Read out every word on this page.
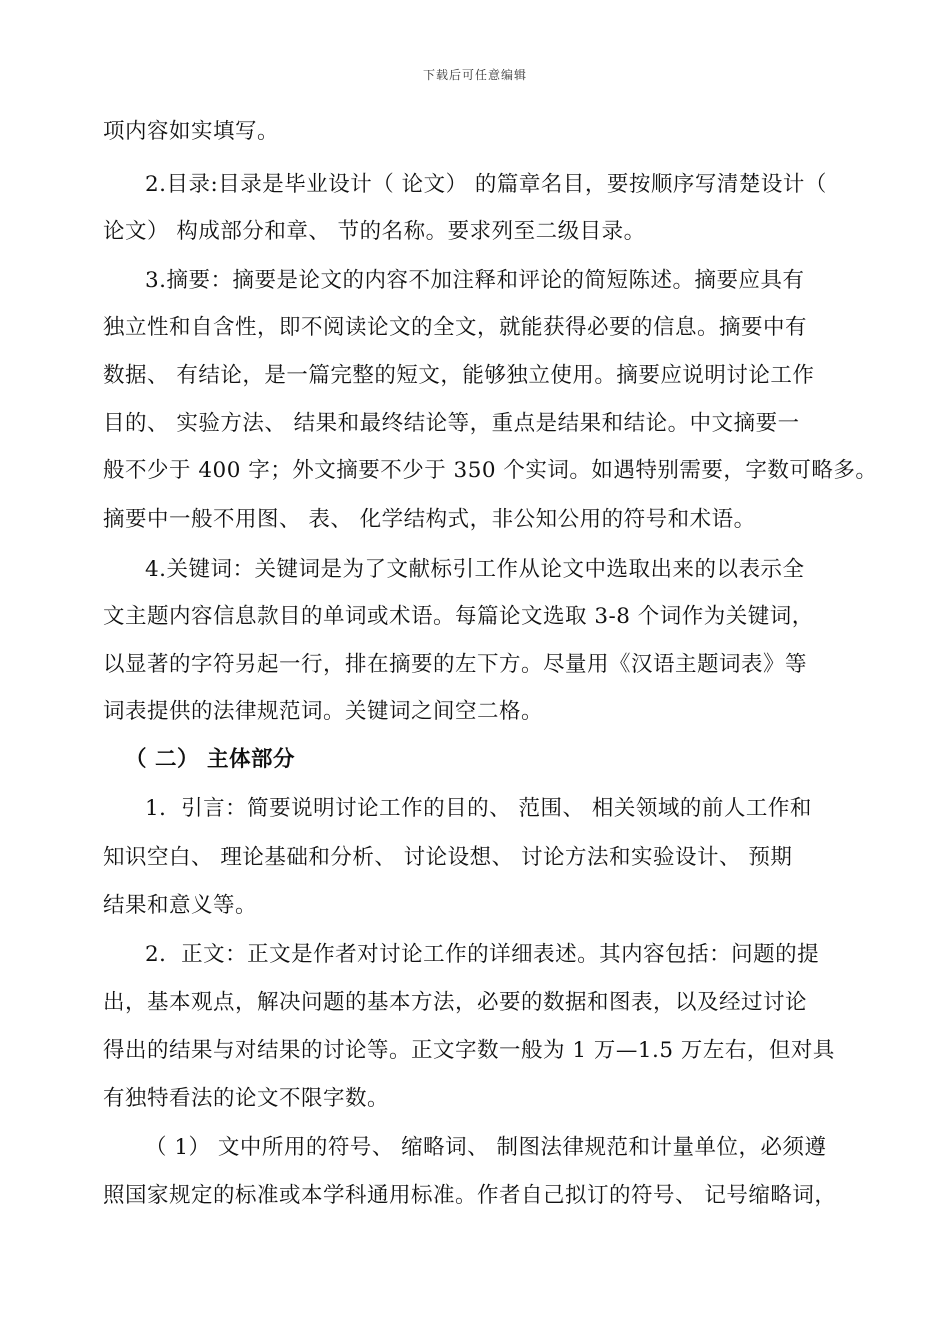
下载后可任意编辑
项内容如实填写。
2.目录:目录是毕业设计（ 论文） 的篇章名目，要按顺序写清楚设计（
论文） 构成部分和章、 节的名称。要求列至二级目录。
3.摘要：摘要是论文的内容不加注释和评论的简短陈述。摘要应具有
独立性和自含性，即不阅读论文的全文，就能获得必要的信息。摘要中有
数据、 有结论，是一篇完整的短文，能够独立使用。摘要应说明讨论工作
目的、 实验方法、 结果和最终结论等，重点是结果和结论。中文摘要一
般不少于 400 字；外文摘要不少于 350 个实词。如遇特别需要，字数可略多。
摘要中一般不用图、 表、 化学结构式，非公知公用的符号和术语。
4.关键词：关键词是为了文献标引工作从论文中选取出来的以表示全
文主题内容信息款目的单词或术语。每篇论文选取 3-8 个词作为关键词，
以显著的字符另起一行，排在摘要的左下方。尽量用《汉语主题词表》等
词表提供的法律规范词。关键词之间空二格。
（ 二） 主体部分
1．引言：简要说明讨论工作的目的、 范围、 相关领域的前人工作和
知识空白、 理论基础和分析、 讨论设想、 讨论方法和实验设计、 预期
结果和意义等。
2．正文：正文是作者对讨论工作的详细表述。其内容包括：问题的提
出，基本观点，解决问题的基本方法，必要的数据和图表，以及经过讨论
得出的结果与对结果的讨论等。正文字数一般为 1 万—1.5 万左右，但对具
有独特看法的论文不限字数。
（ 1） 文中所用的符号、 缩略词、 制图法律规范和计量单位，必须遵
照国家规定的标准或本学科通用标准。作者自己拟订的符号、 记号缩略词，
